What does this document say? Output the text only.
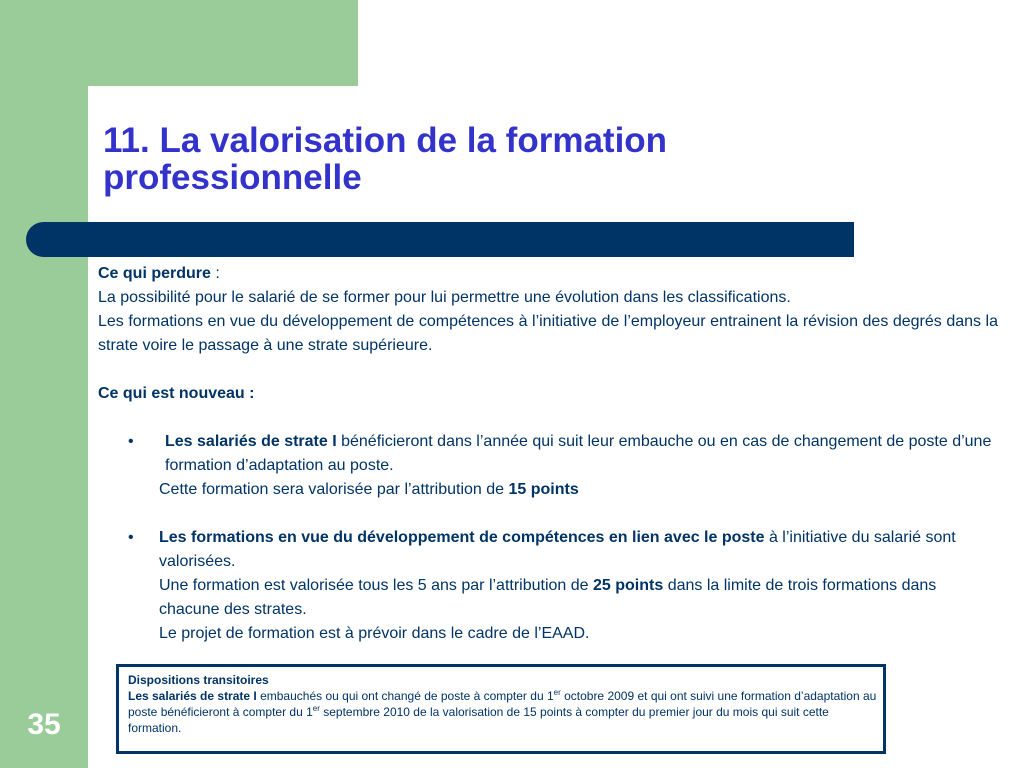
11. La valorisation de la formation professionnelle

Ce qui perdure :

La possibilité pour le salarié de se former pour lui permettre une évolution dans les classifications.

Les formations en vue du développement de compétences à l’initiative de l’employeur entrainent la révision des degrés dans la strate voire le passage à une strate supérieure.

Ce qui est nouveau :

•	Les salariés de strate I bénéficieront dans l’année qui suit leur embauche ou en cas de changement de poste d’une formation d’adaptation au poste.
Cette formation sera valorisée par l’attribution de 15 points
• Les formations en vue du développement de compétences en lien avec le poste à l’initiative du salarié sont valorisées.
Une formation est valorisée tous les 5 ans par l’attribution de 25 points dans la limite de trois formations dans chacune des strates.
Le projet de formation est à prévoir dans le cadre de l’EAAD.
Dispositions transitoires
Les salariés de strate I embauchés ou qui ont changé de poste à compter du 1er octobre 2009 et qui ont suivi une formation d’adaptation au poste bénéficieront à compter du 1er septembre 2010 de la valorisation de 15 points à compter du premier jour du mois qui suit cette formation.
35
